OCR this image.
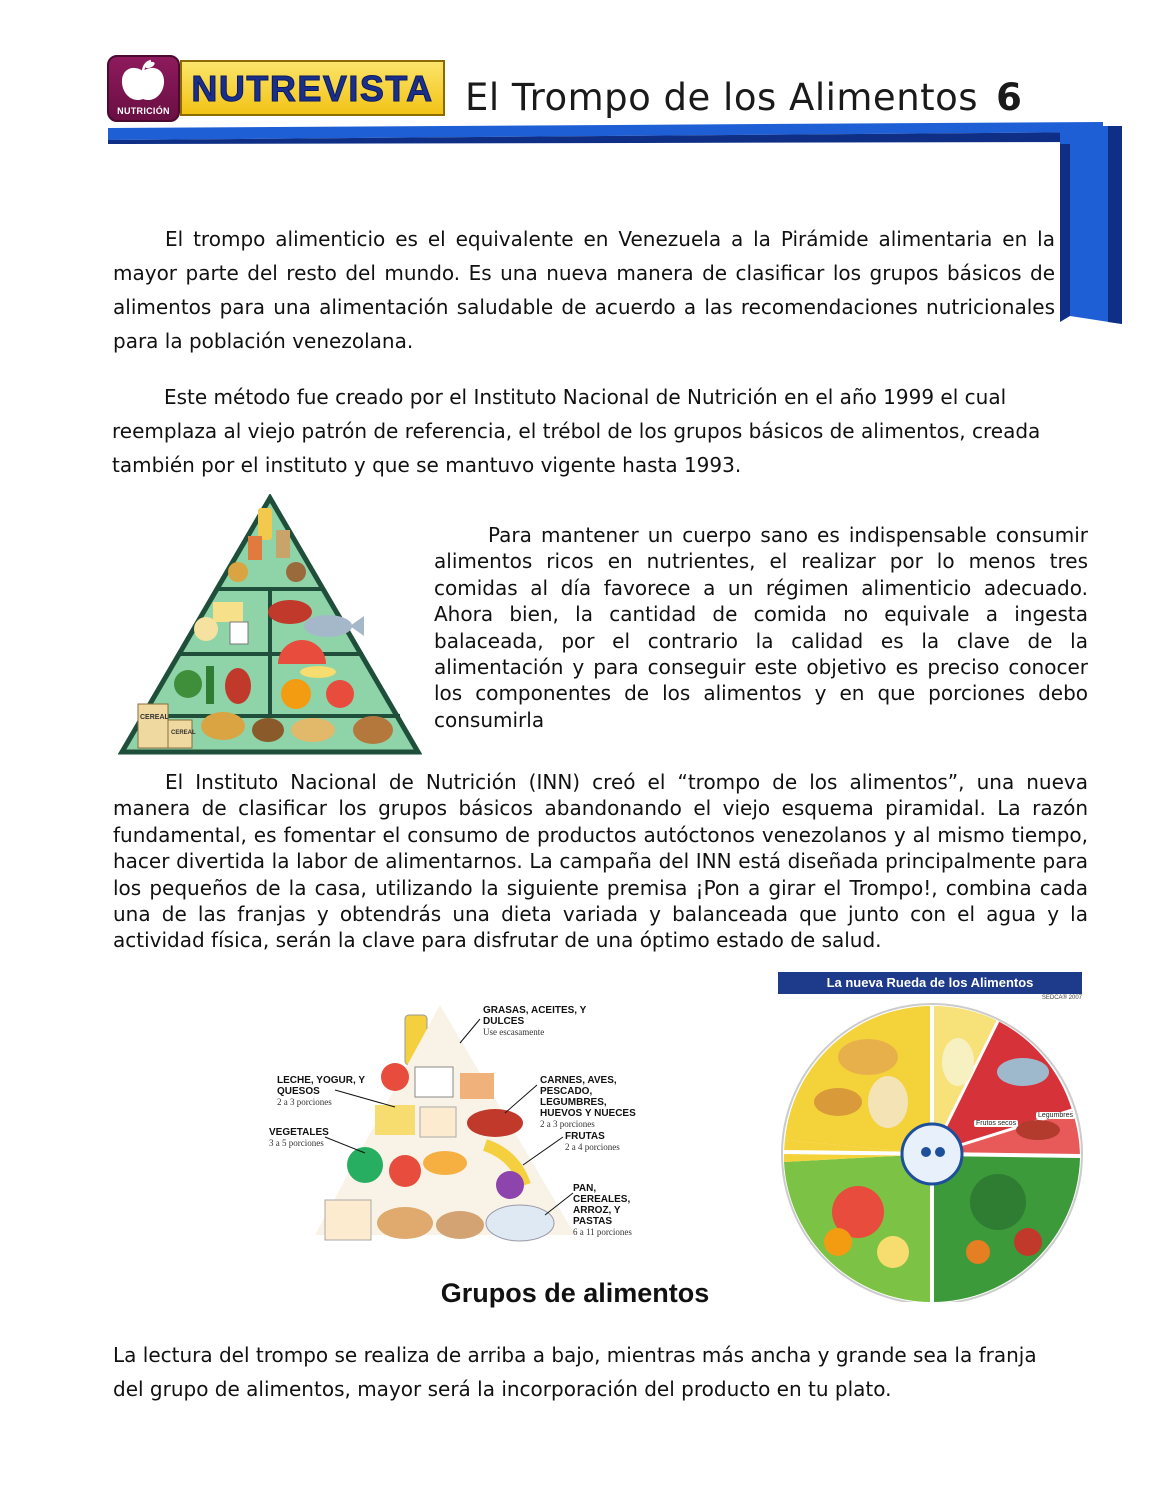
NUTRICIÓN
NUTREVISTA El Trompo de los Alimentos 6
El trompo alimenticio es el equivalente en Venezuela a la Pirámide alimentaria en la mayor parte del resto del mundo. Es una nueva manera de clasificar los grupos básicos de alimentos para una alimentación saludable de acuerdo a las recomendaciones nutricionales para la población venezolana.
Este método fue creado por el Instituto Nacional de Nutrición en el año 1999 el cual reemplaza al viejo patrón de referencia, el trébol de los grupos básicos de alimentos, creada también por el instituto y que se mantuvo vigente hasta 1993.
CEREAL
CEREAL
Para mantener un cuerpo sano es indispensable consumir alimentos ricos en nutrientes, el realizar por lo menos tres comidas al día favorece a un régimen alimenticio adecuado. Ahora bien, la cantidad de comida no equivale a ingesta balaceada, por el contrario la calidad es la clave de la alimentación y para conseguir este objetivo es preciso conocer los componentes de los alimentos y en que porciones debo consumirla
El Instituto Nacional de Nutrición (INN) creó el “trompo de los alimentos”, una nueva manera de clasificar los grupos básicos abandonando el viejo esquema piramidal. La razón fundamental, es fomentar el consumo de productos autóctonos venezolanos y al mismo tiempo, hacer divertida la labor de alimentarnos. La campaña del INN está diseñada principalmente para los pequeños de la casa, utilizando la siguiente premisa ¡Pon a girar el Trompo!, combina cada una de las franjas y obtendrás una dieta variada y balanceada que junto con el agua y la actividad física, serán la clave para disfrutar de una óptimo estado de salud.
GRASAS, ACEITES, Y DULCES
Use escasamente
LECHE, YOGUR, Y QUESOS
2 a 3 porciones
CARNES, AVES, PESCADO, LEGUMBRES, HUEVOS Y NUECES
2 a 3 porciones
VEGETALES
3 a 5 porciones
FRUTAS
2 a 4 porciones
PAN, CEREALES, ARROZ, Y PASTAS
6 a 11 porciones
La nueva Rueda de los Alimentos
SEDCA® 2007
Frutos secos
Legumbres
Grupos de alimentos
La lectura del trompo se realiza de arriba a bajo, mientras más ancha y grande sea la franja del grupo de alimentos, mayor será la incorporación del producto en tu plato.
